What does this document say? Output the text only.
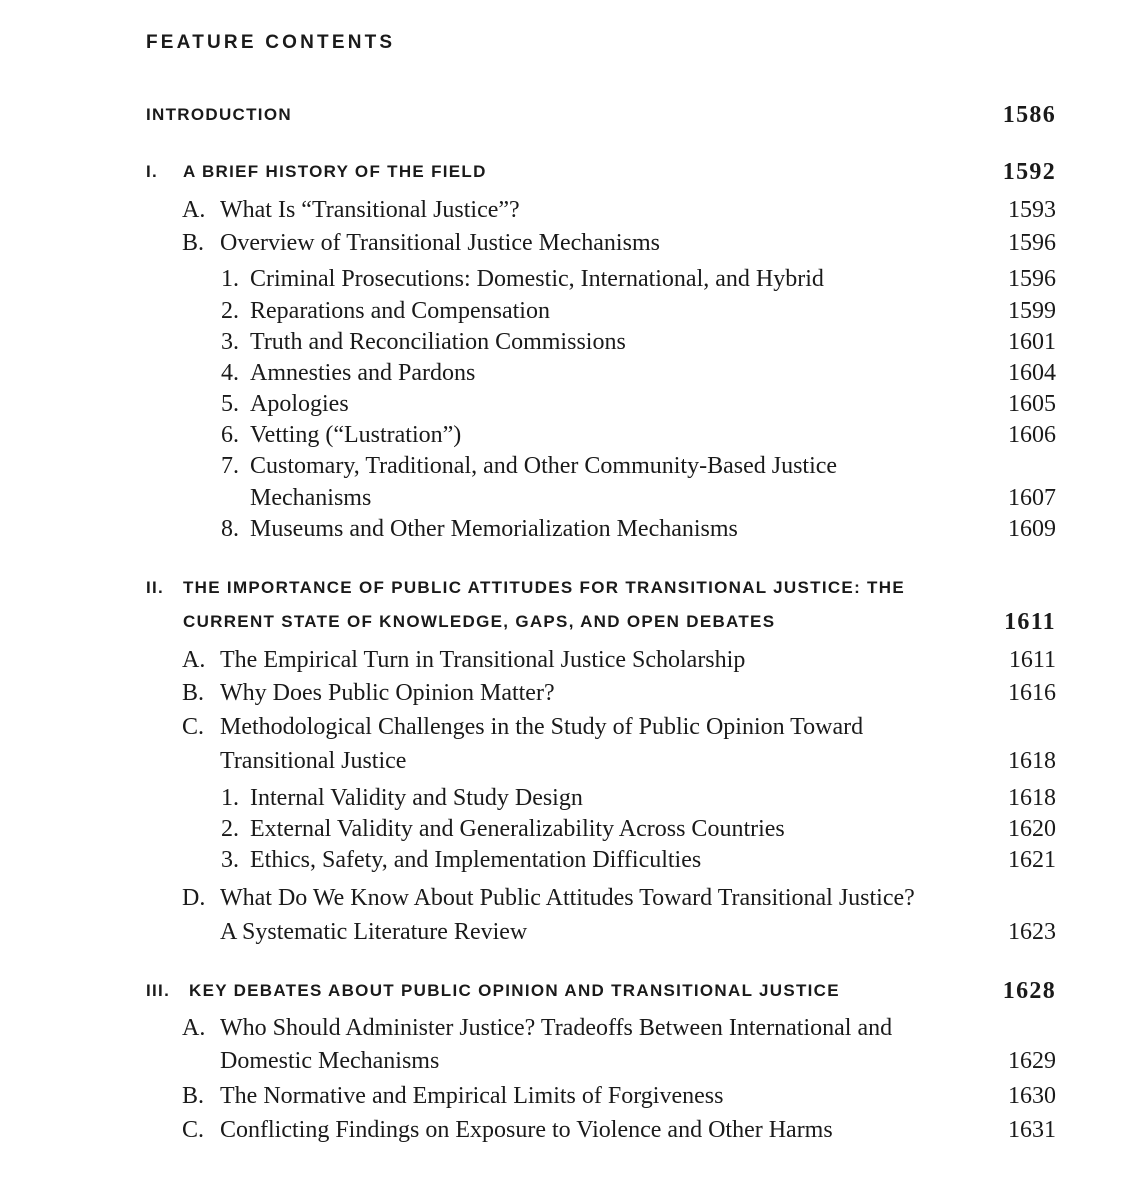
FEATURE CONTENTS
INTRODUCTION	1586
I. A BRIEF HISTORY OF THE FIELD	1592
A. What Is “Transitional Justice”?	1593
B. Overview of Transitional Justice Mechanisms	1596
1. Criminal Prosecutions: Domestic, International, and Hybrid	1596
2. Reparations and Compensation	1599
3. Truth and Reconciliation Commissions	1601
4. Amnesties and Pardons	1604
5. Apologies	1605
6. Vetting (“Lustration”)	1606
7. Customary, Traditional, and Other Community-Based Justice
Mechanisms	1607
8. Museums and Other Memorialization Mechanisms	1609
II. THE IMPORTANCE OF PUBLIC ATTITUDES FOR TRANSITIONAL JUSTICE: THE
CURRENT STATE OF KNOWLEDGE, GAPS, AND OPEN DEBATES	1611
A. The Empirical Turn in Transitional Justice Scholarship	1611
B. Why Does Public Opinion Matter?	1616
C. Methodological Challenges in the Study of Public Opinion Toward
Transitional Justice	1618
1. Internal Validity and Study Design	1618
2. External Validity and Generalizability Across Countries	1620
3. Ethics, Safety, and Implementation Difficulties	1621
D. What Do We Know About Public Attitudes Toward Transitional Justice?
A Systematic Literature Review	1623
III. KEY DEBATES ABOUT PUBLIC OPINION AND TRANSITIONAL JUSTICE	1628
A. Who Should Administer Justice? Tradeoffs Between International and
Domestic Mechanisms	1629
B. The Normative and Empirical Limits of Forgiveness	1630
C. Conflicting Findings on Exposure to Violence and Other Harms	1631
